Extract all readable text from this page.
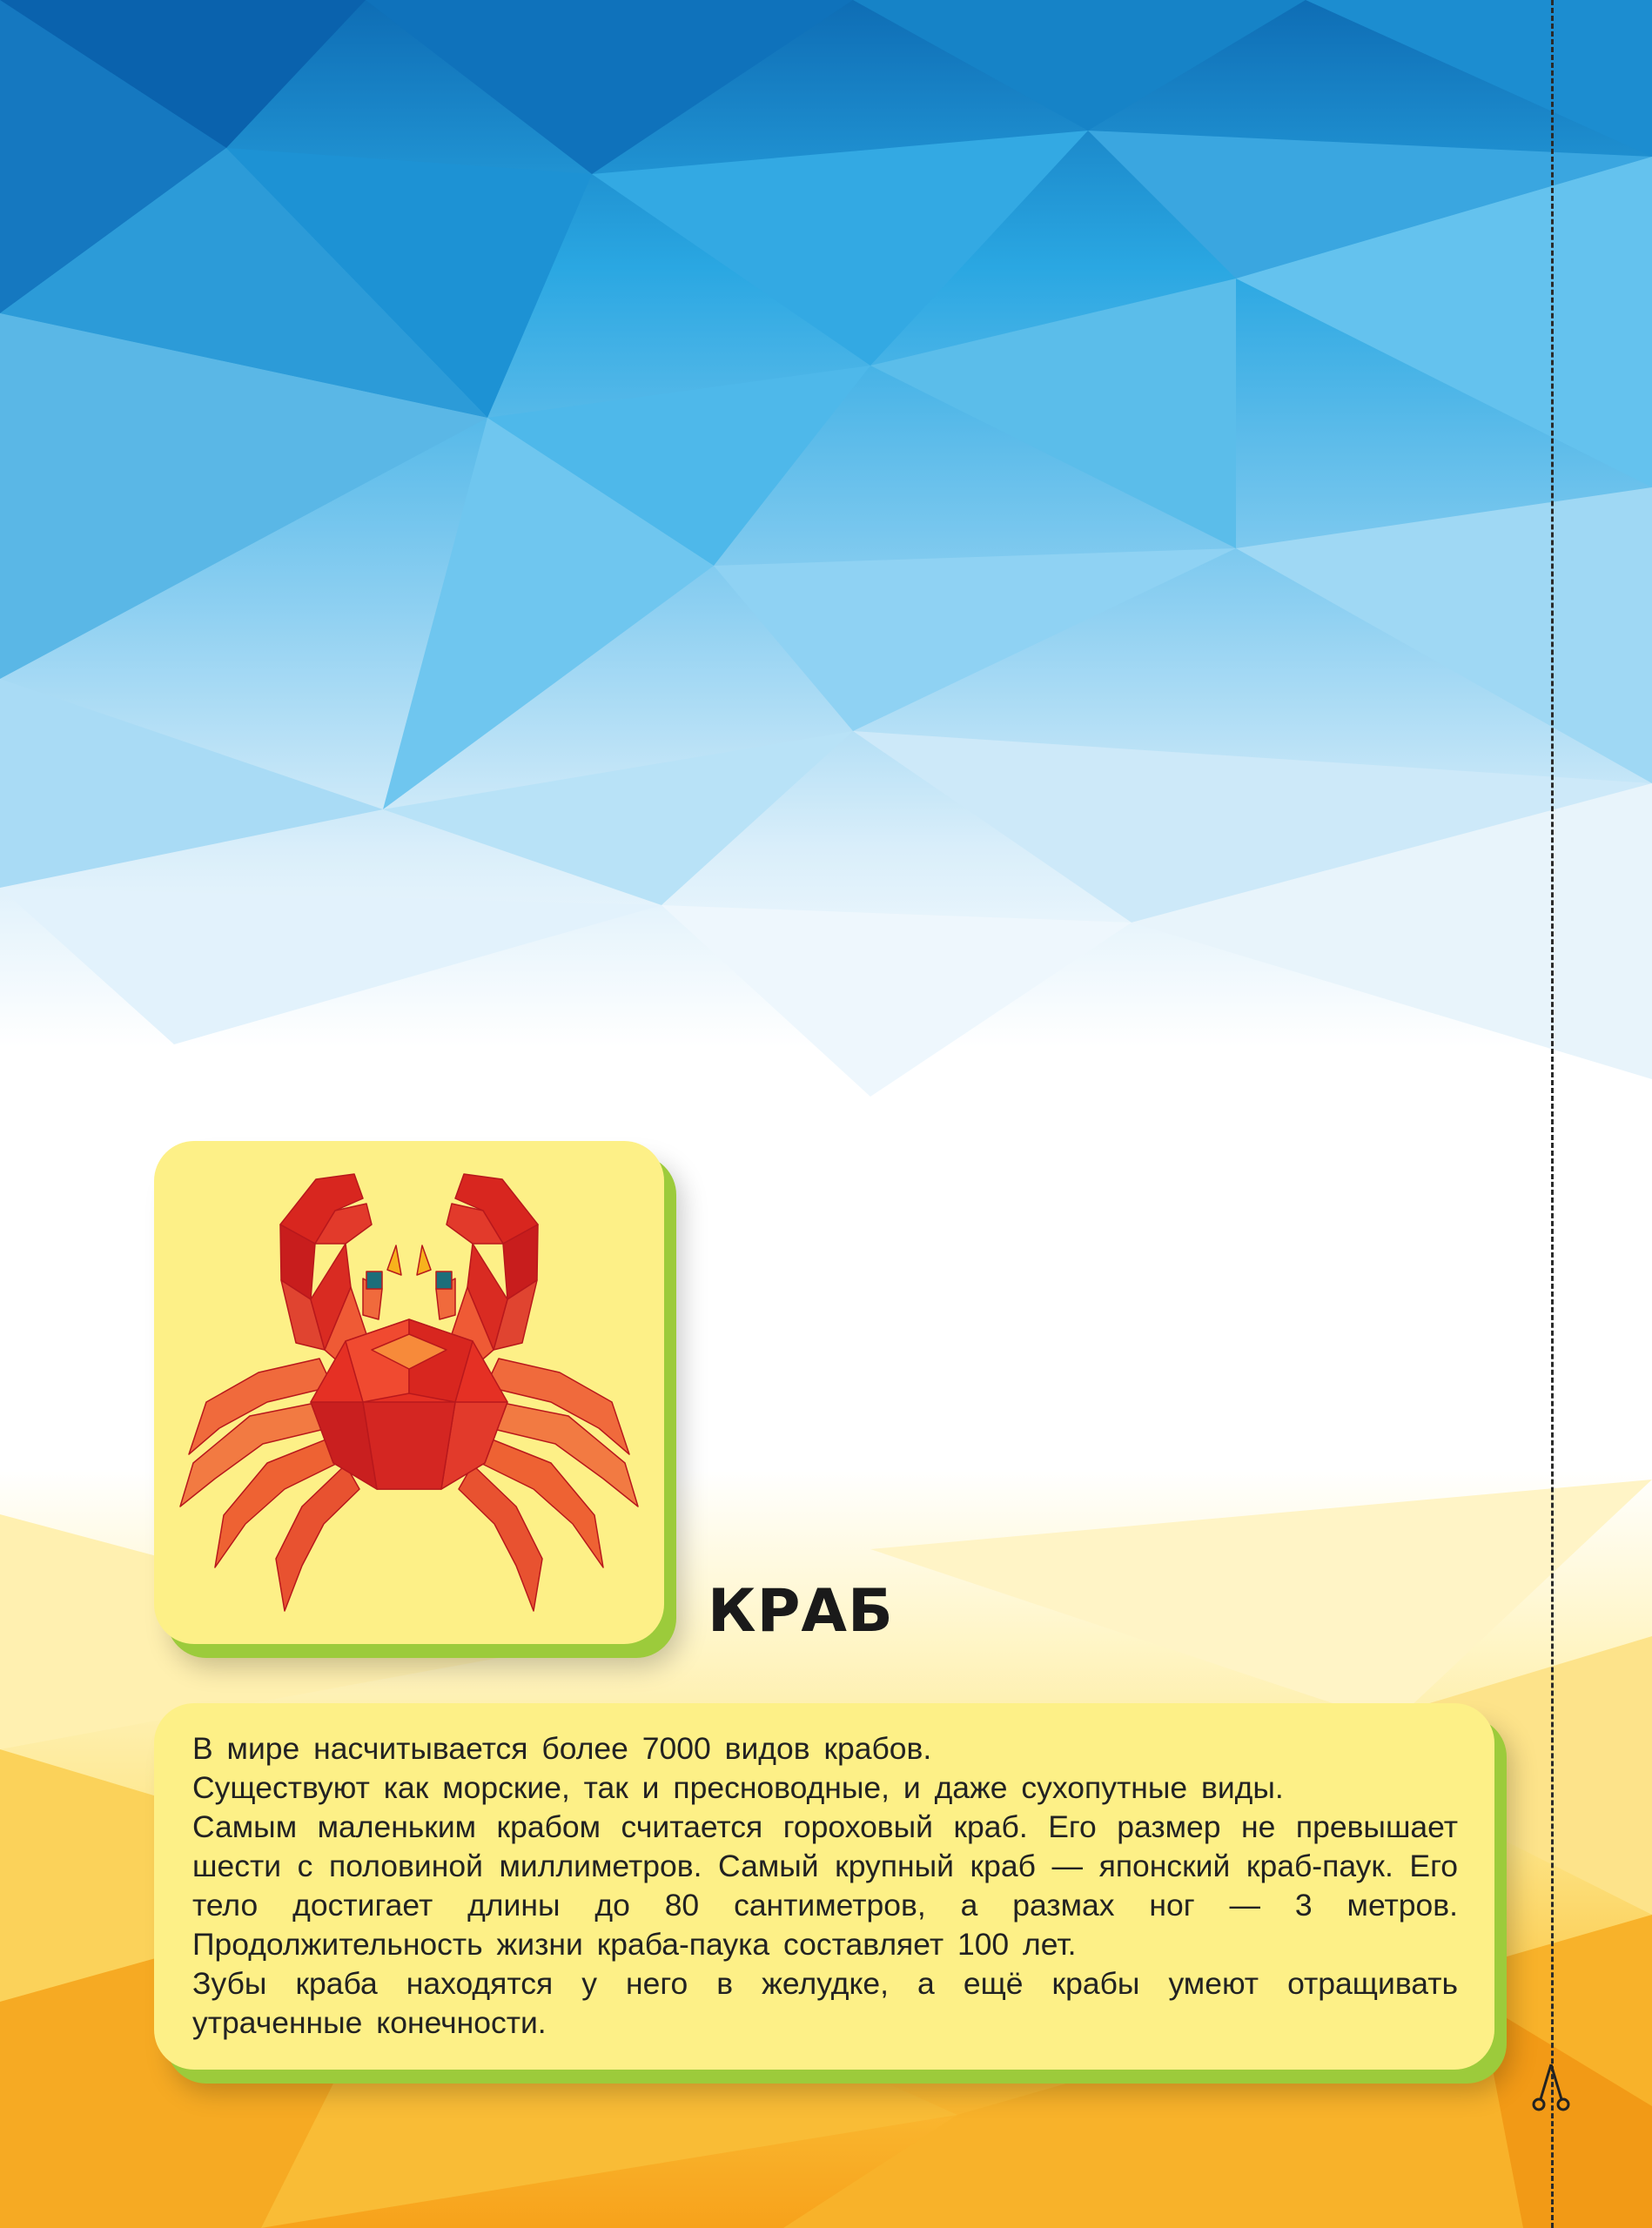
КРАБ

В мире насчитывается более 7000 видов крабов.

Существуют как морские, так и пресноводные, и даже сухопутные виды.

Самым маленьким крабом считается гороховый краб. Его размер не превышает шести с половиной миллиметров. Самый крупный краб — японский краб-паук. Его тело достигает длины до 80 сантиметров, а размах ног — 3 метров. Продолжительность жизни краба-паука составляет 100 лет.

Зубы краба находятся у него в желудке, а ещё крабы умеют отращивать утраченные конечности.
